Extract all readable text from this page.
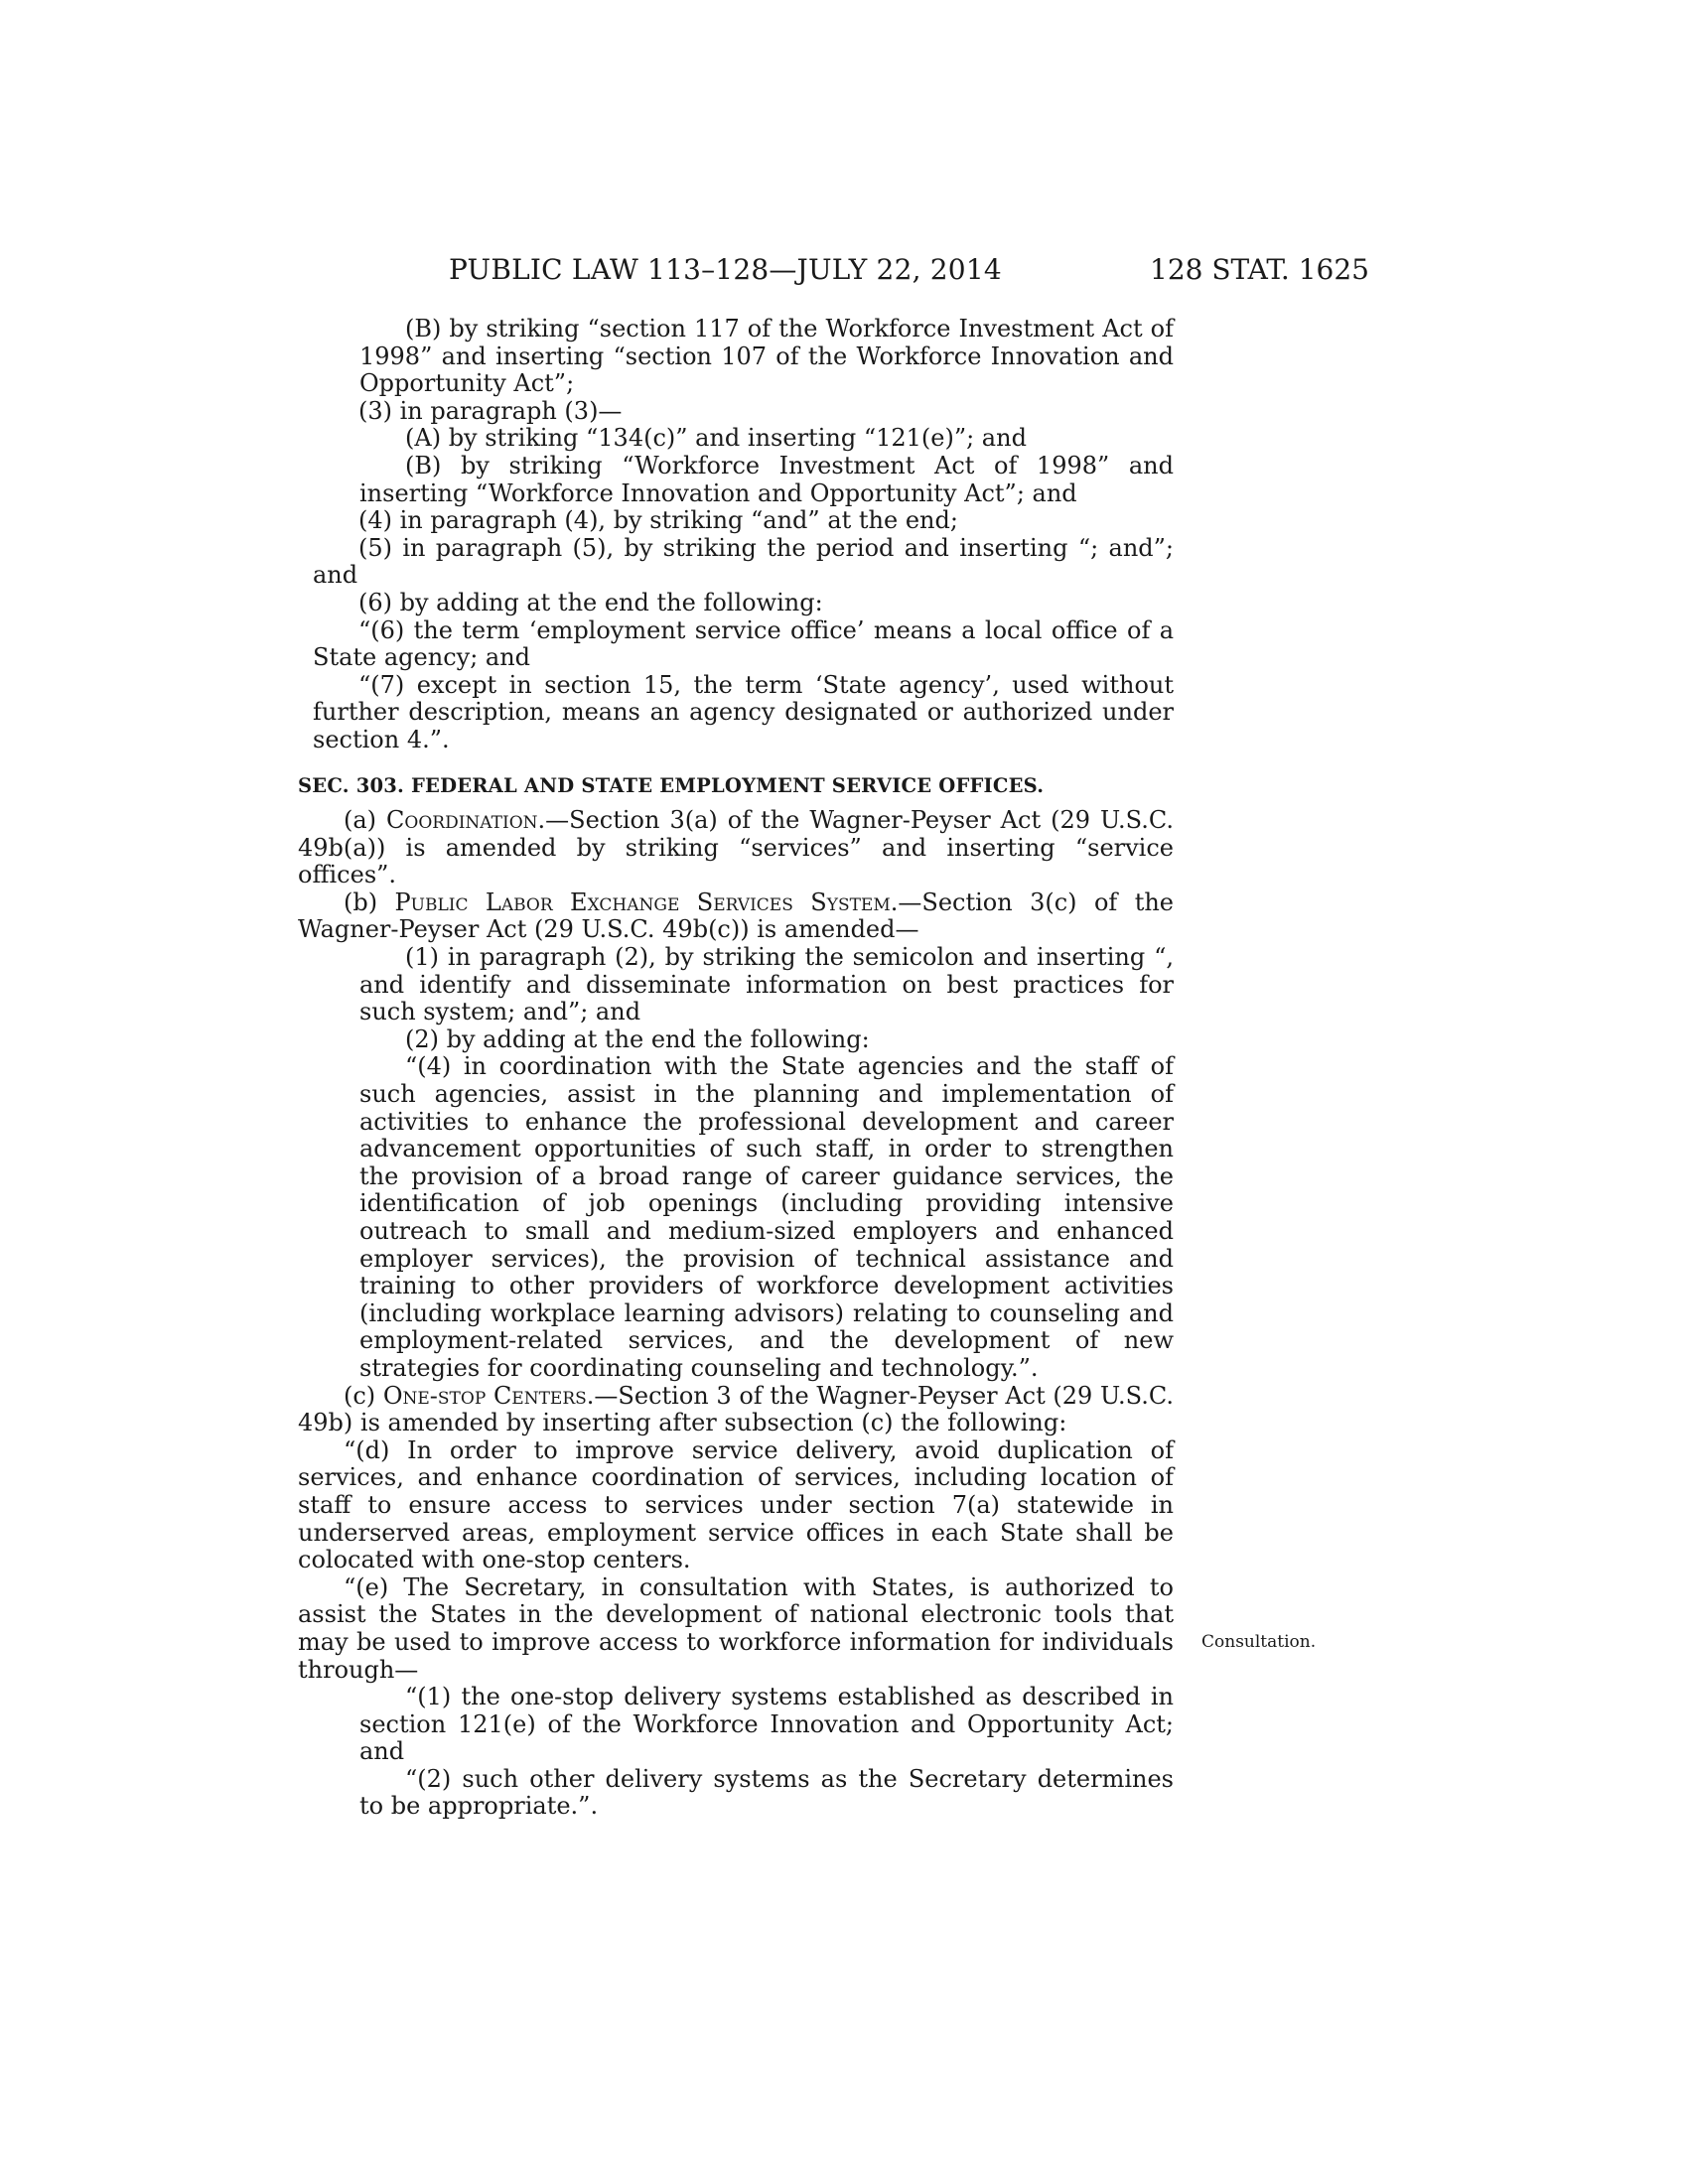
PUBLIC LAW 113–128—JULY 22, 2014	128 STAT. 1625

(B) by striking “section 117 of the Workforce Investment Act of 1998” and inserting “section 107 of the Workforce Innovation and Opportunity Act”;

(3) in paragraph (3)—

(A) by striking “134(c)” and inserting “121(e)”; and

(B) by striking “Workforce Investment Act of 1998” and inserting “Workforce Innovation and Opportunity Act”; and

(4) in paragraph (4), by striking “and” at the end;

(5) in paragraph (5), by striking the period and inserting “; and”; and

(6) by adding at the end the following:

“(6) the term ‘employment service office’ means a local office of a State agency; and

“(7) except in section 15, the term ‘State agency’, used without further description, means an agency designated or authorized under section 4.”.

SEC. 303. FEDERAL AND STATE EMPLOYMENT SERVICE OFFICES.

(a) Coordination.—Section 3(a) of the Wagner-Peyser Act (29 U.S.C. 49b(a)) is amended by striking “services” and inserting “service offices”.

(b) Public Labor Exchange Services System.—Section 3(c) of the Wagner-Peyser Act (29 U.S.C. 49b(c)) is amended—

(1) in paragraph (2), by striking the semicolon and inserting “, and identify and disseminate information on best practices for such system; and”; and

(2) by adding at the end the following:

“(4) in coordination with the State agencies and the staff of such agencies, assist in the planning and implementation of activities to enhance the professional development and career advancement opportunities of such staff, in order to strengthen the provision of a broad range of career guidance services, the identification of job openings (including providing intensive outreach to small and medium-sized employers and enhanced employer services), the provision of technical assistance and training to other providers of workforce development activities (including workplace learning advisors) relating to counseling and employment-related services, and the development of new strategies for coordinating counseling and technology.”.

(c) One-stop Centers.—Section 3 of the Wagner-Peyser Act (29 U.S.C. 49b) is amended by inserting after subsection (c) the following:

“(d) In order to improve service delivery, avoid duplication of services, and enhance coordination of services, including location of staff to ensure access to services under section 7(a) statewide in underserved areas, employment service offices in each State shall be colocated with one-stop centers.

“(e) The Secretary, in consultation with States, is authorized to assist the States in the development of national electronic tools that may be used to improve access to workforce information for individuals through—

“(1) the one-stop delivery systems established as described in section 121(e) of the Workforce Innovation and Opportunity Act; and

“(2) such other delivery systems as the Secretary determines to be appropriate.”.

Consultation.
